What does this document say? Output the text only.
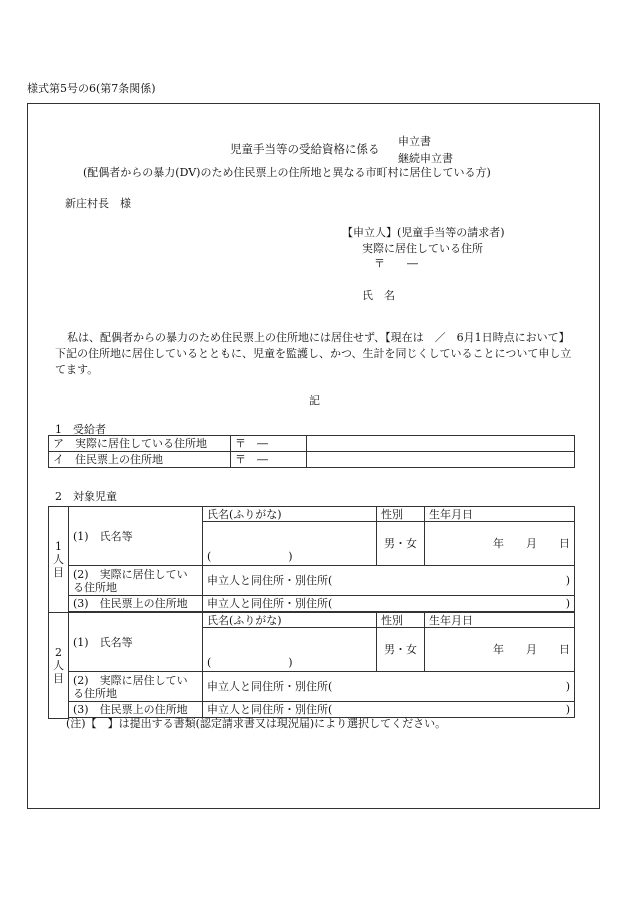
様式第5号の6(第7条関係)
児童手当等の受給資格に係る
申立書
継続申立書
(配偶者からの暴力(DV)のため住民票上の住所地と異なる市町村に居住している方)
新庄村長　様
【申立人】(児童手当等の請求者)
実際に居住している住所
〒　　―
氏　名
私は、配偶者からの暴力のため住民票上の住所地には居住せず、【現在は　／　6月1日時点において】下記の住所地に居住しているとともに、児童を監護し、かつ、生計を同じくしていることについて申し立てます。
記
1　受給者
ア　実際に居住している住所地	〒　―	
イ　住民票上の住所地	〒　―	
2　対象児童
1
人
目	(1)　氏名等	氏名(ふりがな)	性別	生年月日
		(　　　　　　　)	男・女	年　　月　　日
	(2)　実際に居住している住所地	申立人と同住所・別住所( )		

	(3)　住民票上の住所地	申立人と同住所・別住所( )		

2
人
目	(1)　氏名等	氏名(ふりがな)	性別	生年月日
		(　　　　　　　)	男・女	年　　月　　日
	(2)　実際に居住している住所地	申立人と同住所・別住所( )		

	(3)　住民票上の住所地	申立人と同住所・別住所( )		

(注)【　】は提出する書類(認定請求書又は現況届)により選択してください。
